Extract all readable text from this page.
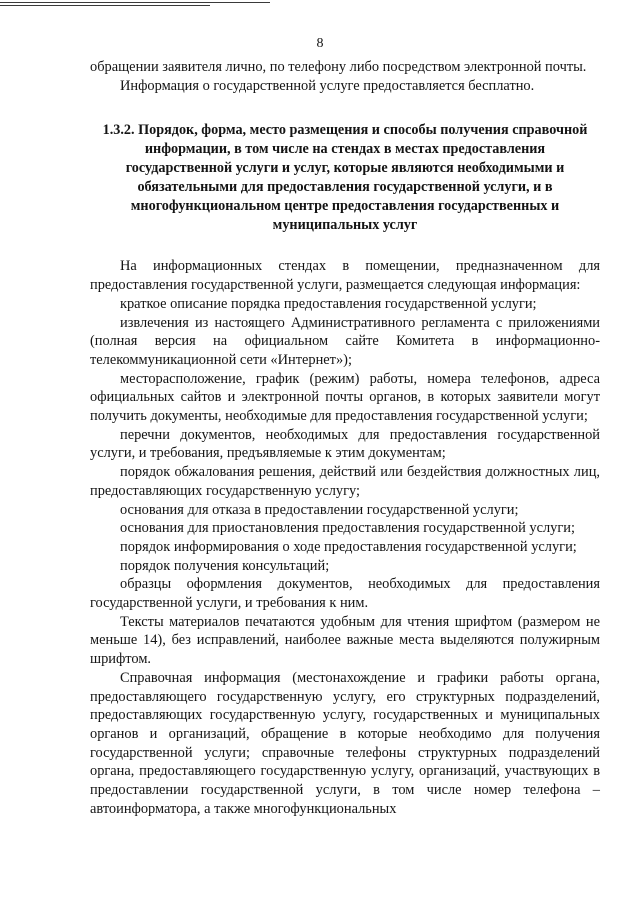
8

обращении заявителя лично, по телефону либо посредством электронной почты.

Информация о государственной услуге предоставляется бесплатно.

1.3.2. Порядок, форма, место размещения и способы получения справочной информации, в том числе на стендах в местах предоставления государственной услуги и услуг, которые являются необходимыми и обязательными для предоставления государственной услуги, и в многофункциональном центре предоставления государственных и муниципальных услуг

На информационных стендах в помещении, предназначенном для предоставления государственной услуги, размещается следующая информация:

краткое описание порядка предоставления государственной услуги;

извлечения из настоящего Административного регламента с приложениями (полная версия на официальном сайте Комитета в информационно-телекоммуникационной сети «Интернет»);

месторасположение, график (режим) работы, номера телефонов, адреса официальных сайтов и электронной почты органов, в которых заявители могут получить документы, необходимые для предоставления государственной услуги;

перечни документов, необходимых для предоставления государственной услуги, и требования, предъявляемые к этим документам;

порядок обжалования решения, действий или бездействия должностных лиц, предоставляющих государственную услугу;

основания для отказа в предоставлении государственной услуги;

основания для приостановления предоставления государственной услуги;

порядок информирования о ходе предоставления государственной услуги;

порядок получения консультаций;

образцы оформления документов, необходимых для предоставления государственной услуги, и требования к ним.

Тексты материалов печатаются удобным для чтения шрифтом (размером не меньше 14), без исправлений, наиболее важные места выделяются полужирным шрифтом.

Справочная информация (местонахождение и графики работы органа, предоставляющего государственную услугу, его структурных подразделений, предоставляющих государственную услугу, государственных и муниципальных органов и организаций, обращение в которые необходимо для получения государственной услуги; справочные телефоны структурных подразделений органа, предоставляющего государственную услугу, организаций, участвующих в предоставлении государственной услуги, в том числе номер телефона – автоинформатора, а также многофункциональных
